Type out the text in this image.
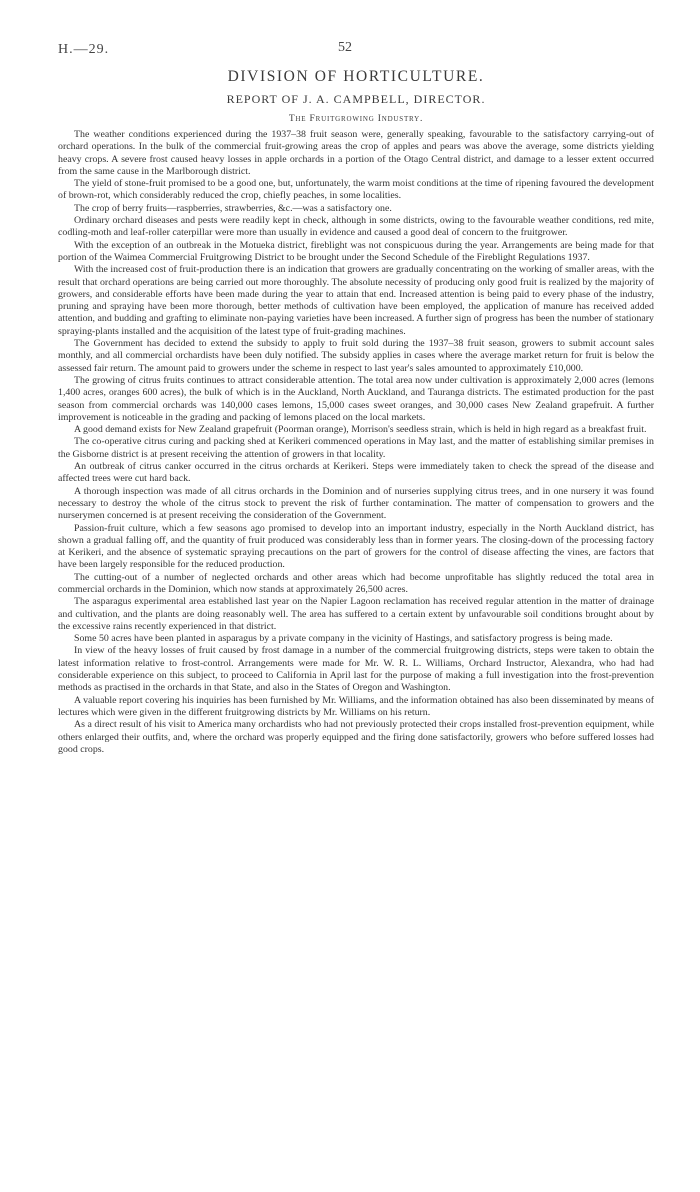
H.—29.	52
DIVISION OF HORTICULTURE.
REPORT OF J. A. CAMPBELL, DIRECTOR.
The Fruitgrowing Industry.

The weather conditions experienced during the 1937–38 fruit season were, generally speaking, favourable to the satisfactory carrying-out of orchard operations. In the bulk of the commercial fruit-growing areas the crop of apples and pears was above the average, some districts yielding heavy crops. A severe frost caused heavy losses in apple orchards in a portion of the Otago Central district, and damage to a lesser extent occurred from the same cause in the Marlborough district.

The yield of stone-fruit promised to be a good one, but, unfortunately, the warm moist conditions at the time of ripening favoured the development of brown-rot, which considerably reduced the crop, chiefly peaches, in some localities.

The crop of berry fruits—raspberries, strawberries, &c.—was a satisfactory one.

Ordinary orchard diseases and pests were readily kept in check, although in some districts, owing to the favourable weather conditions, red mite, codling-moth and leaf-roller caterpillar were more than usually in evidence and caused a good deal of concern to the fruitgrower.

With the exception of an outbreak in the Motueka district, fireblight was not conspicuous during the year. Arrangements are being made for that portion of the Waimea Commercial Fruitgrowing District to be brought under the Second Schedule of the Fireblight Regulations 1937.

With the increased cost of fruit-production there is an indication that growers are gradually concentrating on the working of smaller areas, with the result that orchard operations are being carried out more thoroughly. The absolute necessity of producing only good fruit is realized by the majority of growers, and considerable efforts have been made during the year to attain that end. Increased attention is being paid to every phase of the industry, pruning and spraying have been more thorough, better methods of cultivation have been employed, the application of manure has received added attention, and budding and grafting to eliminate non-paying varieties have been increased. A further sign of progress has been the number of stationary spraying-plants installed and the acquisition of the latest type of fruit-grading machines.

The Government has decided to extend the subsidy to apply to fruit sold during the 1937–38 fruit season, growers to submit account sales monthly, and all commercial orchardists have been duly notified. The subsidy applies in cases where the average market return for fruit is below the assessed fair return. The amount paid to growers under the scheme in respect to last year's sales amounted to approximately £10,000.

The growing of citrus fruits continues to attract considerable attention. The total area now under cultivation is approximately 2,000 acres (lemons 1,400 acres, oranges 600 acres), the bulk of which is in the Auckland, North Auckland, and Tauranga districts. The estimated production for the past season from commercial orchards was 140,000 cases lemons, 15,000 cases sweet oranges, and 30,000 cases New Zealand grapefruit. A further improvement is noticeable in the grading and packing of lemons placed on the local markets.

A good demand exists for New Zealand grapefruit (Poorman orange), Morrison's seedless strain, which is held in high regard as a breakfast fruit.

The co-operative citrus curing and packing shed at Kerikeri commenced operations in May last, and the matter of establishing similar premises in the Gisborne district is at present receiving the attention of growers in that locality.

An outbreak of citrus canker occurred in the citrus orchards at Kerikeri. Steps were immediately taken to check the spread of the disease and affected trees were cut hard back.

A thorough inspection was made of all citrus orchards in the Dominion and of nurseries supplying citrus trees, and in one nursery it was found necessary to destroy the whole of the citrus stock to prevent the risk of further contamination. The matter of compensation to growers and the nurserymen concerned is at present receiving the consideration of the Government.

Passion-fruit culture, which a few seasons ago promised to develop into an important industry, especially in the North Auckland district, has shown a gradual falling off, and the quantity of fruit produced was considerably less than in former years. The closing-down of the processing factory at Kerikeri, and the absence of systematic spraying precautions on the part of growers for the control of disease affecting the vines, are factors that have been largely responsible for the reduced production.

The cutting-out of a number of neglected orchards and other areas which had become unprofitable has slightly reduced the total area in commercial orchards in the Dominion, which now stands at approximately 26,500 acres.

The asparagus experimental area established last year on the Napier Lagoon reclamation has received regular attention in the matter of drainage and cultivation, and the plants are doing reasonably well. The area has suffered to a certain extent by unfavourable soil conditions brought about by the excessive rains recently experienced in that district.

Some 50 acres have been planted in asparagus by a private company in the vicinity of Hastings, and satisfactory progress is being made.

In view of the heavy losses of fruit caused by frost damage in a number of the commercial fruitgrowing districts, steps were taken to obtain the latest information relative to frost-control. Arrangements were made for Mr. W. R. L. Williams, Orchard Instructor, Alexandra, who had had considerable experience on this subject, to proceed to California in April last for the purpose of making a full investigation into the frost-prevention methods as practised in the orchards in that State, and also in the States of Oregon and Washington.

A valuable report covering his inquiries has been furnished by Mr. Williams, and the information obtained has also been disseminated by means of lectures which were given in the different fruitgrowing districts by Mr. Williams on his return.

As a direct result of his visit to America many orchardists who had not previously protected their crops installed frost-prevention equipment, while others enlarged their outfits, and, where the orchard was properly equipped and the firing done satisfactorily, growers who before suffered losses had good crops.
